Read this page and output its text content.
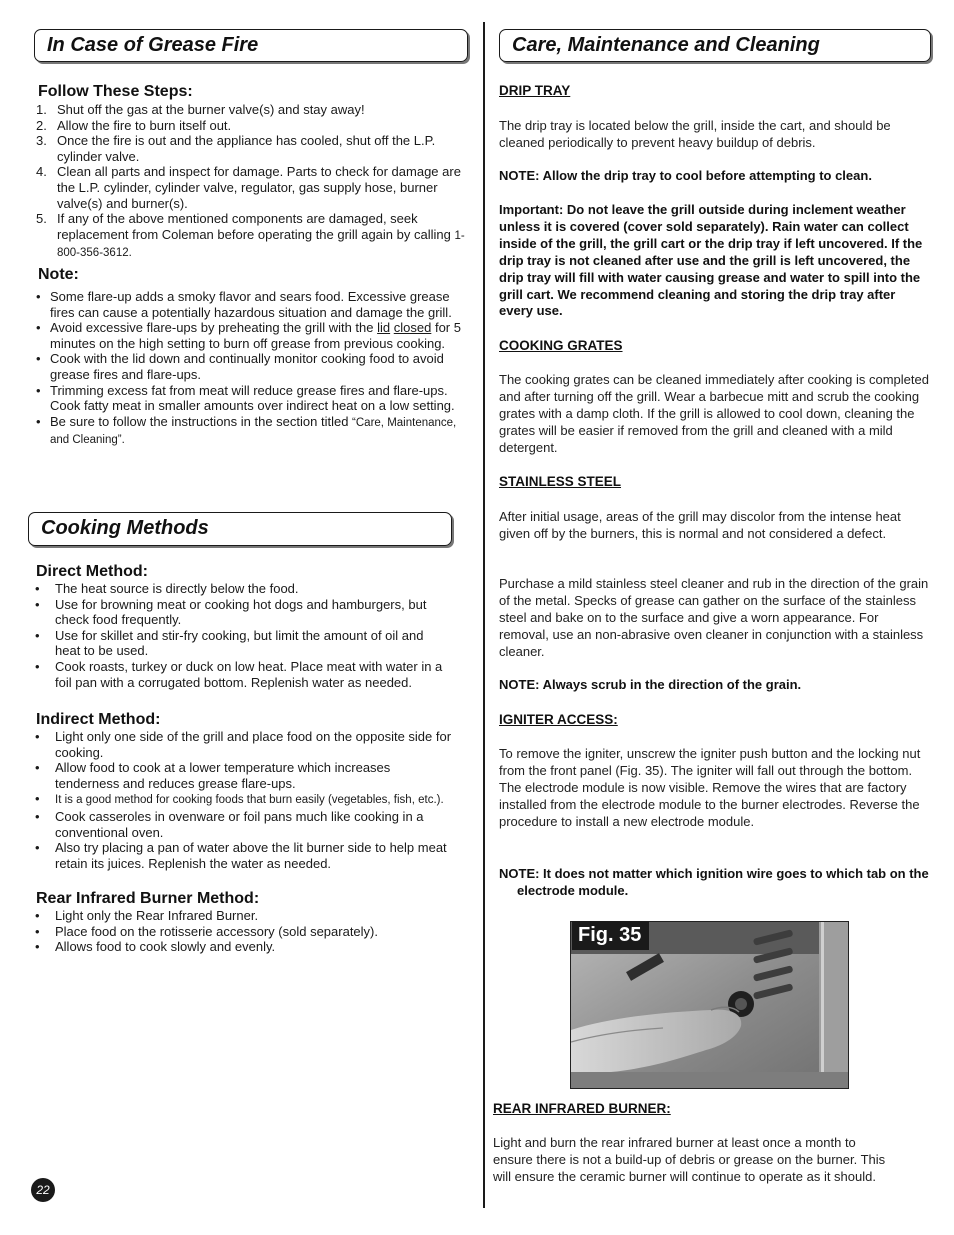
In Case of Grease Fire
Follow These Steps:
1. Shut off the gas at the burner valve(s) and stay away!
2. Allow the fire to burn itself out.
3. Once the fire is out and the appliance has cooled, shut off the L.P. cylinder valve.
4. Clean all parts and inspect for damage. Parts to check for damage are the L.P. cylinder, cylinder valve, regulator, gas supply hose, burner valve(s) and burner(s).
5. If any of the above mentioned components are damaged, seek replacement from Coleman before operating the grill again by calling 1-800-356-3612.
Note:
• Some flare-up adds a smoky flavor and sears food. Excessive grease fires can cause a potentially hazardous situation and damage the grill.
• Avoid excessive flare-ups by preheating the grill with the lid closed for 5 minutes on the high setting to burn off grease from previous cooking.
• Cook with the lid down and continually monitor cooking food to avoid grease fires and flare-ups.
• Trimming excess fat from meat will reduce grease fires and flare-ups. Cook fatty meat in smaller amounts over indirect heat on a low setting.
• Be sure to follow the instructions in the section titled “Care, Maintenance, and Cleaning”.
Cooking Methods
Direct Method:
• The heat source is directly below the food.
• Use for browning meat or cooking hot dogs and hamburgers, but check food frequently.
• Use for skillet and stir-fry cooking, but limit the amount of oil and heat to be used.
• Cook roasts, turkey or duck on low heat. Place meat with water in a foil pan with a corrugated bottom. Replenish water as needed.
Indirect Method:
• Light only one side of the grill and place food on the opposite side for cooking.
• Allow food to cook at a lower temperature which increases tenderness and reduces grease flare-ups.
• It is a good method for cooking foods that burn easily (vegetables, fish, etc.).
• Cook casseroles in ovenware or foil pans much like cooking in a conventional oven.
• Also try placing a pan of water above the lit burner side to help meat retain its juices. Replenish the water as needed.
Rear Infrared Burner Method:
• Light only the Rear Infrared Burner.
• Place food on the rotisserie accessory (sold separately).
• Allows food to cook slowly and evenly.
22
Care, Maintenance and Cleaning
DRIP TRAY

The drip tray is located below the grill, inside the cart, and should be cleaned periodically to prevent heavy buildup of debris.

NOTE: Allow the drip tray to cool before attempting to clean.

Important: Do not leave the grill outside during inclement weather unless it is covered (cover sold separately). Rain water can collect inside of the grill, the grill cart or the drip tray if left uncovered. If the drip tray is not cleaned after use and the grill is left uncovered, the drip tray will fill with water causing grease and water to spill into the grill cart. We recommend cleaning and storing the drip tray after every use.

COOKING GRATES

The cooking grates can be cleaned immediately after cooking is completed and after turning off the grill. Wear a barbecue mitt and scrub the cooking grates with a damp cloth. If the grill is allowed to cool down, cleaning the grates will be easier if removed from the grill and cleaned with a mild detergent.

STAINLESS STEEL

After initial usage, areas of the grill may discolor from the intense heat given off by the burners, this is normal and not considered a defect.

Purchase a mild stainless steel cleaner and rub in the direction of the grain of the metal. Specks of grease can gather on the surface of the stainless steel and bake on to the surface and give a worn appearance. For removal, use an non-abrasive oven cleaner in conjunction with a stainless cleaner.

NOTE: Always scrub in the direction of the grain.

IGNITER ACCESS:

To remove the igniter, unscrew the igniter push button and the locking nut from the front panel (Fig. 35). The igniter will fall out through the bottom. The electrode module is now visible. Remove the wires that are factory installed from the electrode module to the burner electrodes. Reverse the procedure to install a new electrode module.

NOTE: It does not matter which ignition wire goes to which tab on the electrode module.

Fig. 35
REAR INFRARED BURNER:

Light and burn the rear infrared burner at least once a month to ensure there is not a build-up of debris or grease on the burner. This will ensure the ceramic burner will continue to operate as it should.
